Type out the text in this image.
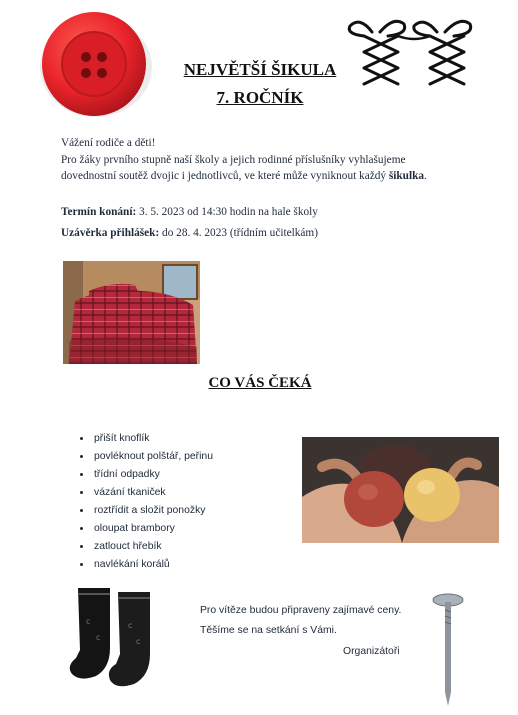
NEJVĚTŠÍ ŠIKULA
7. ROČNÍK
Vážení rodiče a děti!
Pro žáky prvního stupně naší školy a jejich rodinné příslušníky vyhlašujeme
dovednostní soutěž dvojic i jednotlivců, ve které může vyniknout každý šikulka.
Termín konání: 3. 5. 2023 od 14:30 hodin na hale školy
Uzávěrka přihlášek: do 28. 4. 2023 (třídním učitelkám)
CO VÁS ČEKÁ
• přišít knoflík
• povléknout polštář, peřinu
• třídní odpadky
• vázání tkaniček
• roztřídit a složit ponožky
• oloupat brambory
• zatlouct hřebík
• navlékání korálů
c
c
c
c
Pro vítěze budou připraveny zajímavé ceny.
Těšíme se na setkání s Vámi.
Organizátoři
